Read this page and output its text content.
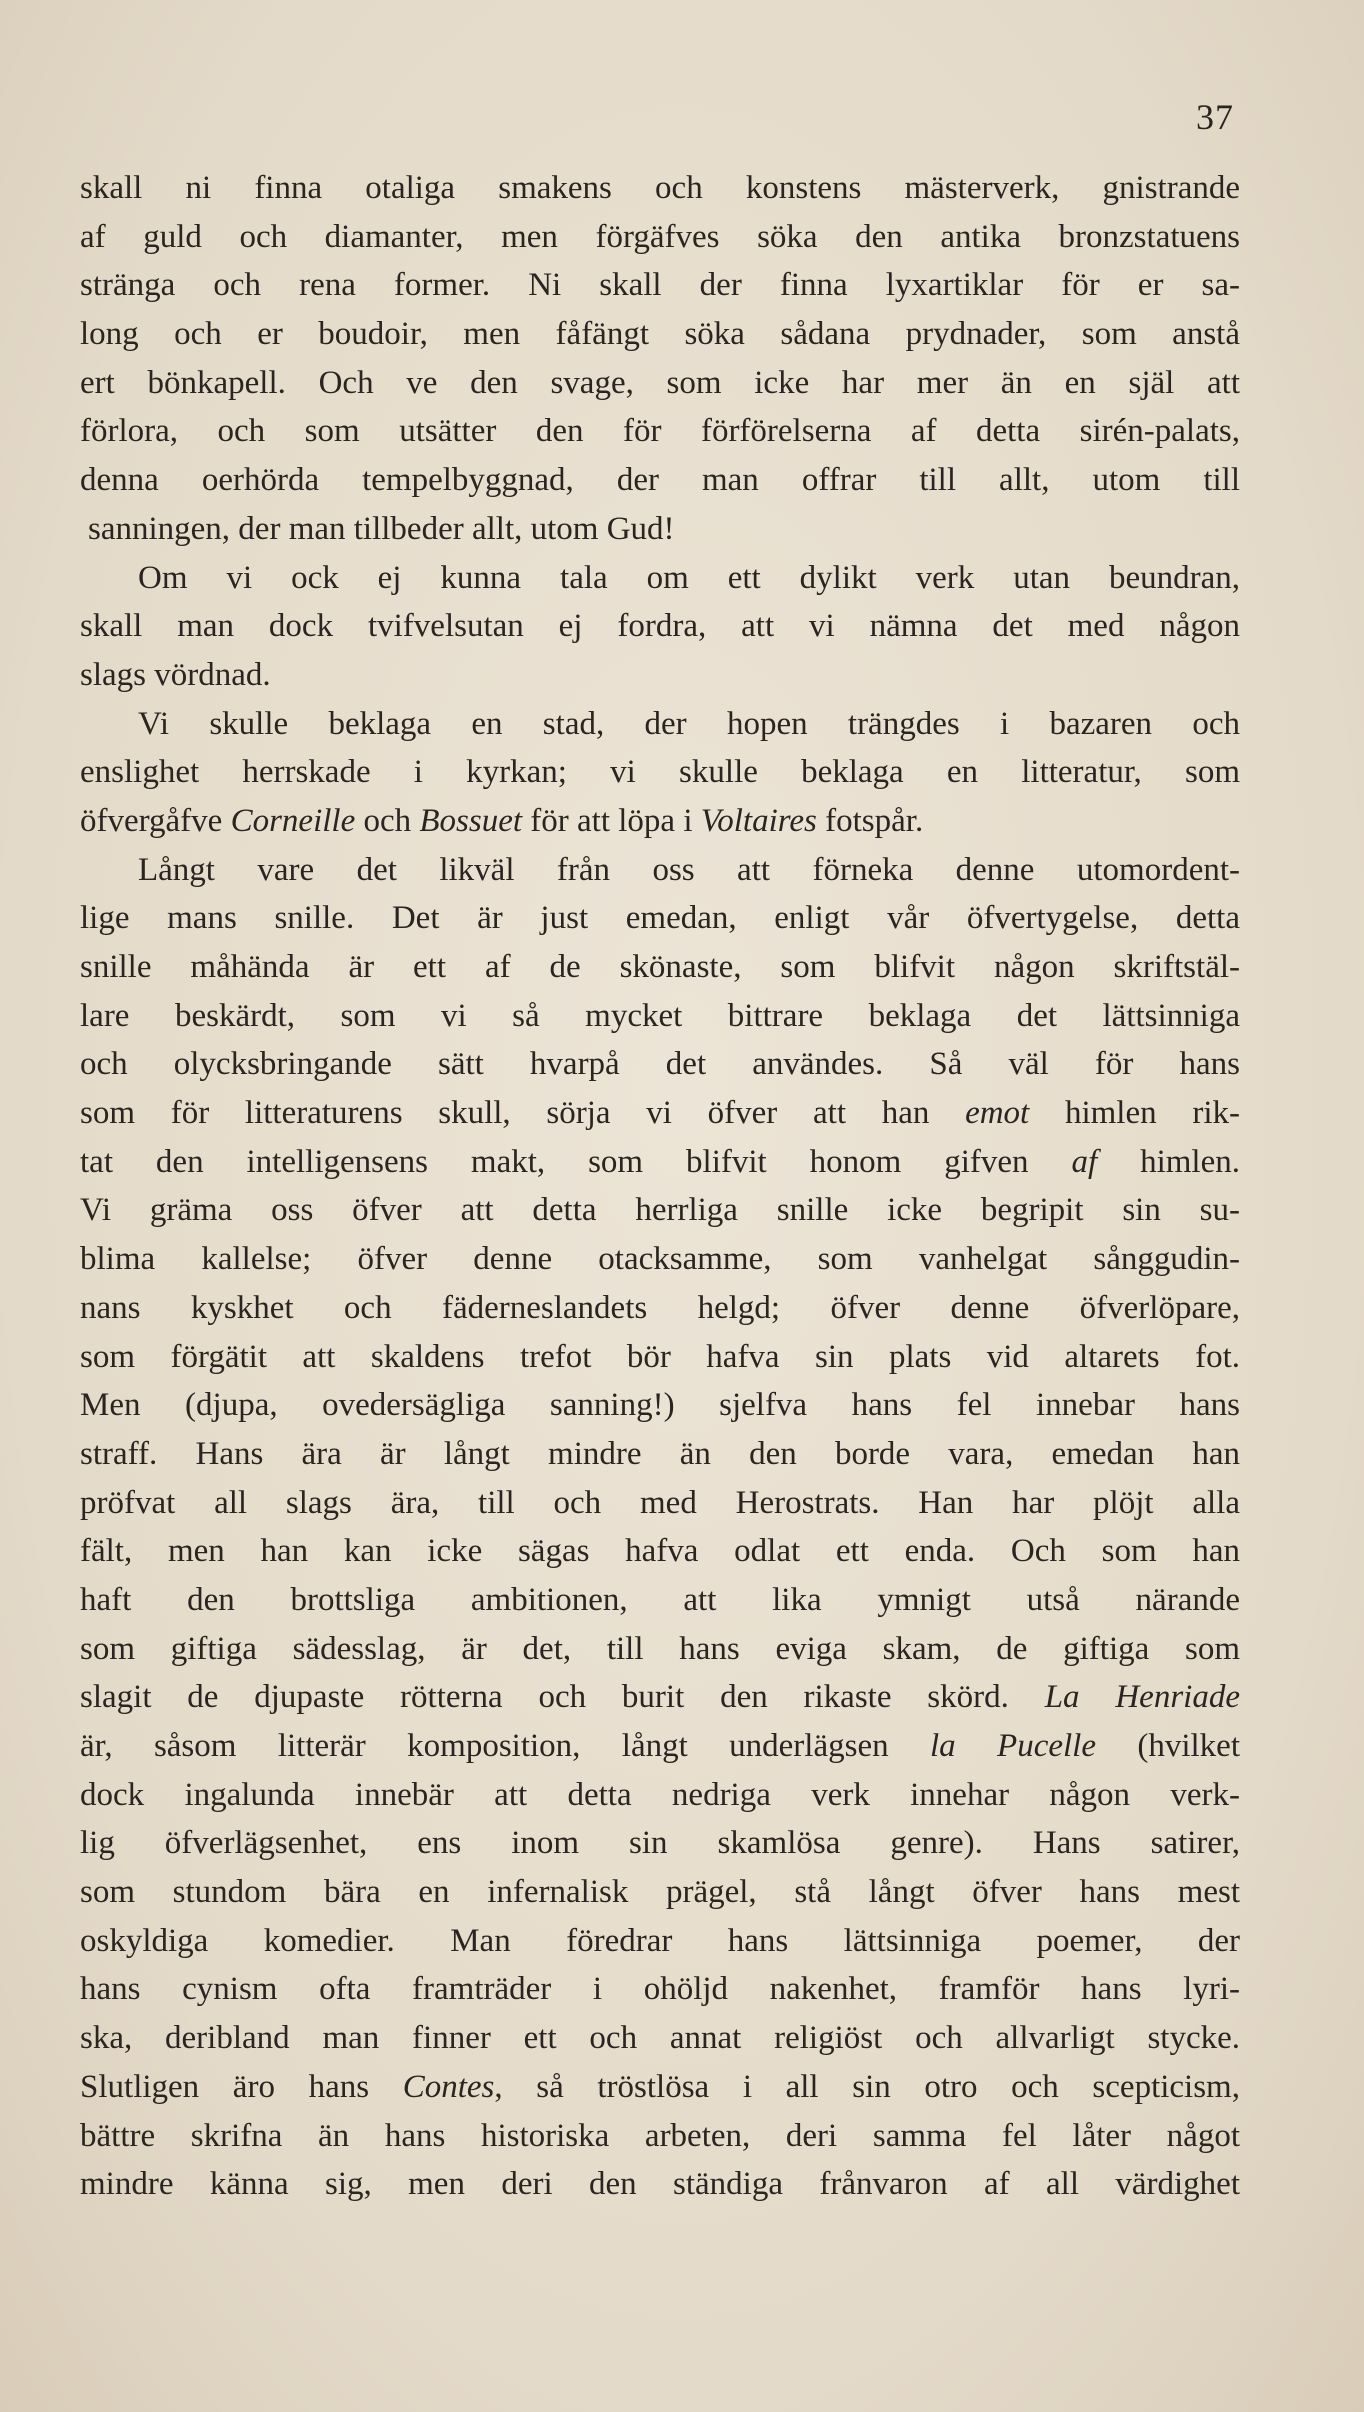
37
skall ni finna otaliga smakens och konstens mästerverk, gnistrande
af guld och diamanter, men förgäfves söka den antika bronzstatuens
stränga och rena former. Ni skall der finna lyxartiklar för er sa-
long och er boudoir, men fåfängt söka sådana prydnader, som anstå
ert bönkapell. Och ve den svage, som icke har mer än en själ att
förlora, och som utsätter den för förförelserna af detta sirén-palats,
denna oerhörda tempelbyggnad, der man offrar till allt, utom till
sanningen, der man tillbeder allt, utom Gud!
Om vi ock ej kunna tala om ett dylikt verk utan beundran,
skall man dock tvifvelsutan ej fordra, att vi nämna det med någon
slags vördnad.
Vi skulle beklaga en stad, der hopen trängdes i bazaren och
enslighet herrskade i kyrkan; vi skulle beklaga en litteratur, som
öfvergåfve Corneille och Bossuet för att löpa i Voltaires fotspår.
Långt vare det likväl från oss att förneka denne utomordent-
lige mans snille. Det är just emedan, enligt vår öfvertygelse, detta
snille måhända är ett af de skönaste, som blifvit någon skriftstäl-
lare beskärdt, som vi så mycket bittrare beklaga det lättsinniga
och olycksbringande sätt hvarpå det användes. Så väl för hans
som för litteraturens skull, sörja vi öfver att han emot himlen rik-
tat den intelligensens makt, som blifvit honom gifven af himlen.
Vi gräma oss öfver att detta herrliga snille icke begripit sin su-
blima kallelse; öfver denne otacksamme, som vanhelgat sånggudin-
nans kyskhet och fäderneslandets helgd; öfver denne öfverlöpare,
som förgätit att skaldens trefot bör hafva sin plats vid altarets fot.
Men (djupa, ovedersägliga sanning!) sjelfva hans fel innebar hans
straff. Hans ära är långt mindre än den borde vara, emedan han
pröfvat all slags ära, till och med Herostrats. Han har plöjt alla
fält, men han kan icke sägas hafva odlat ett enda. Och som han
haft den brottsliga ambitionen, att lika ymnigt utså närande
som giftiga sädesslag, är det, till hans eviga skam, de giftiga som
slagit de djupaste rötterna och burit den rikaste skörd. La Henriade
är, såsom litterär komposition, långt underlägsen la Pucelle (hvilket
dock ingalunda innebär att detta nedriga verk innehar någon verk-
lig öfverlägsenhet, ens inom sin skamlösa genre). Hans satirer,
som stundom bära en infernalisk prägel, stå långt öfver hans mest
oskyldiga komedier. Man föredrar hans lättsinniga poemer, der
hans cynism ofta framträder i ohöljd nakenhet, framför hans lyri-
ska, deribland man finner ett och annat religiöst och allvarligt stycke.
Slutligen äro hans Contes, så tröstlösa i all sin otro och scepticism,
bättre skrifna än hans historiska arbeten, deri samma fel låter något
mindre känna sig, men deri den ständiga frånvaron af all värdighet
